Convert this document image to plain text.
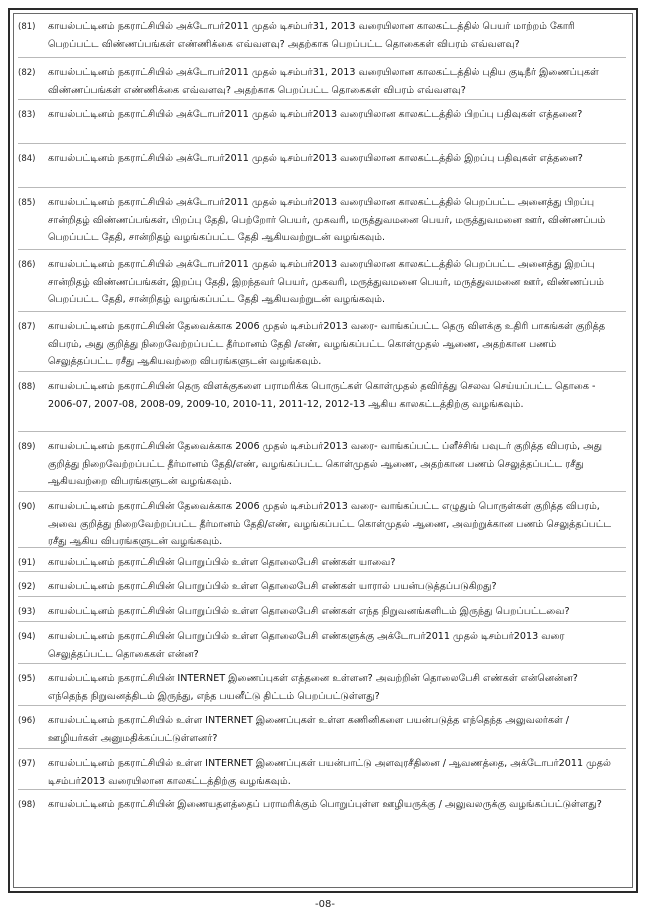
(81)	காயல்பட்டினம் நகராட்சியில் அக்டோபர்2011 முதல் டிசம்பர்31, 2013 வரையிலான காலகட்டத்தில் பெயர் மாற்றம் கோரி பெறப்பட்ட விண்ணப்பங்கள் எண்ணிக்கை எவ்வளவு? அதற்காக பெறப்பட்ட தொகைகள் விபரம் எவ்வளவு?
(82)	காயல்பட்டினம் நகராட்சியில் அக்டோபர்2011 முதல் டிசம்பர்31, 2013 வரையிலான காலகட்டத்தில் புதிய குடிநீர் இணைப்புகள் விண்ணப்பங்கள் எண்ணிக்கை எவ்வளவு? அதற்காக பெறப்பட்ட தொகைகள் விபரம் எவ்வளவு?
(83)	காயல்பட்டினம் நகராட்சியில் அக்டோபர்2011 முதல் டிசம்பர்2013 வரையிலான காலகட்டத்தில் பிறப்பு பதிவுகள் எத்தனை?
(84)	காயல்பட்டினம் நகராட்சியில் அக்டோபர்2011 முதல் டிசம்பர்2013 வரையிலான காலகட்டத்தில் இறப்பு பதிவுகள் எத்தனை?
(85)	காயல்பட்டினம் நகராட்சியில் அக்டோபர்2011 முதல் டிசம்பர்2013 வரையிலான காலகட்டத்தில் பெறப்பட்ட அனைத்து பிறப்பு சான்றிதழ் விண்ணப்பங்கள், பிறப்பு தேதி, பெற்றோர் பெயர், முகவரி, மருத்துவமனை பெயர், மருத்துவமனை ஊர், விண்ணப்பம் பெறப்பட்ட தேதி, சான்றிதழ் வழங்கப்பட்ட தேதி ஆகியவற்றுடன் வழங்கவும்.
(86)	காயல்பட்டினம் நகராட்சியில் அக்டோபர்2011 முதல் டிசம்பர்2013 வரையிலான காலகட்டத்தில் பெறப்பட்ட அனைத்து இறப்பு சான்றிதழ் விண்ணப்பங்கள், இறப்பு தேதி, இறந்தவர் பெயர், முகவரி, மருத்துவமனை பெயர், மருத்துவமனை ஊர், விண்ணப்பம் பெறப்பட்ட தேதி, சான்றிதழ் வழங்கப்பட்ட தேதி ஆகியவற்றுடன் வழங்கவும்.
(87)	காயல்பட்டினம் நகராட்சியின் தேவைக்காக 2006 முதல் டிசம்பர்2013 வரை- வாங்கப்பட்ட தெரு விளக்கு உதிரி பாகங்கள் குறித்த விபரம், அது குறித்து நிறைவேற்றப்பட்ட தீர்மானம் தேதி /எண், வழங்கப்பட்ட கொள்முதல் ஆணை, அதற்கான பணம் செலுத்தப்பட்ட ரசீது ஆகியவற்றை விபரங்களுடன் வழங்கவும்.
(88)	காயல்பட்டினம் நகராட்சியின் தெரு விளக்குகளை பராமரிக்க பொருட்கள் கொள்முதல் தவிர்த்து செலவ செய்யப்பட்ட தொகை - 2006-07, 2007-08, 2008-09, 2009-10, 2010-11, 2011-12, 2012-13 ஆகிய காலகட்டத்திற்கு வழங்கவும்.
(89)	காயல்பட்டினம் நகராட்சியின் தேவைக்காக 2006 முதல் டிசம்பர்2013 வரை- வாங்கப்பட்ட ப்ளீச்சிங் பவுடர் குறித்த விபரம், அது குறித்து நிறைவேற்றப்பட்ட தீர்மானம் தேதி/எண், வழங்கப்பட்ட கொள்முதல் ஆணை, அதற்கான பணம் செலுத்தப்பட்ட ரசீது ஆகியவற்றை விபரங்களுடன் வழங்கவும்.
(90)	காயல்பட்டினம் நகராட்சியின் தேவைக்காக 2006 முதல் டிசம்பர்2013 வரை- வாங்கப்பட்ட எழுதும் பொருள்கள் குறித்த விபரம், அவை குறித்து நிறைவேற்றப்பட்ட தீர்மானம் தேதி/எண், வழங்கப்பட்ட கொள்முதல் ஆணை, அவற்றுக்கான பணம் செலுத்தப்பட்ட ரசீது ஆகிய விபரங்களுடன் வழங்கவும்.
(91)	காயல்பட்டினம் நகராட்சியின் பொறுப்பில் உள்ள தொலைபேசி எண்கள் யாவை?
(92)	காயல்பட்டினம் நகராட்சியின் பொறுப்பில் உள்ள தொலைபேசி எண்கள் யாரால் பயன்படுத்தப்படுகிறது?
(93)	காயல்பட்டினம் நகராட்சியின் பொறுப்பில் உள்ள தொலைபேசி எண்கள் எந்த நிறுவனங்களிடம் இருந்து பெறப்பட்டவை?
(94)	காயல்பட்டினம் நகராட்சியின் பொறுப்பில் உள்ள தொலைபேசி எண்களுக்கு அக்டோபர்2011 முதல் டிசம்பர்2013 வரை செலுத்தப்பட்ட தொகைகள் என்ன?
(95)	காயல்பட்டினம் நகராட்சியின் INTERNET இணைப்புகள் எத்தனை உள்ளன? அவற்றின் தொலைபேசி எண்கள் என்னென்ன? எந்தெந்த நிறுவனத்திடம் இருந்து, எந்த பயனீட்டு திட்டம் பெறப்பட்டுள்ளது?
(96)	காயல்பட்டினம் நகராட்சியில் உள்ள INTERNET இணைப்புகள் உள்ள கணினிகளை பயன்படுத்த எந்தெந்த அலுவலர்கள் / ஊழியர்கள் அனுமதிக்கப்பட்டுள்ளனர்?
(97)	காயல்பட்டினம் நகராட்சியில் உள்ள INTERNET இணைப்புகள் பயன்பாட்டு அளவுரசீதினை / ஆவணத்தை, அக்டோபர்2011 முதல் டிசம்பர்2013 வரையிலான காலகட்டத்திற்கு வழங்கவும்.
(98)	காயல்பட்டினம் நகராட்சியின் இணையதளத்தைப் பராமரிக்கும் பொறுப்புள்ள ஊழியருக்கு / அலுவலருக்கு வழங்கப்பட்டுள்ளது?
-08-
